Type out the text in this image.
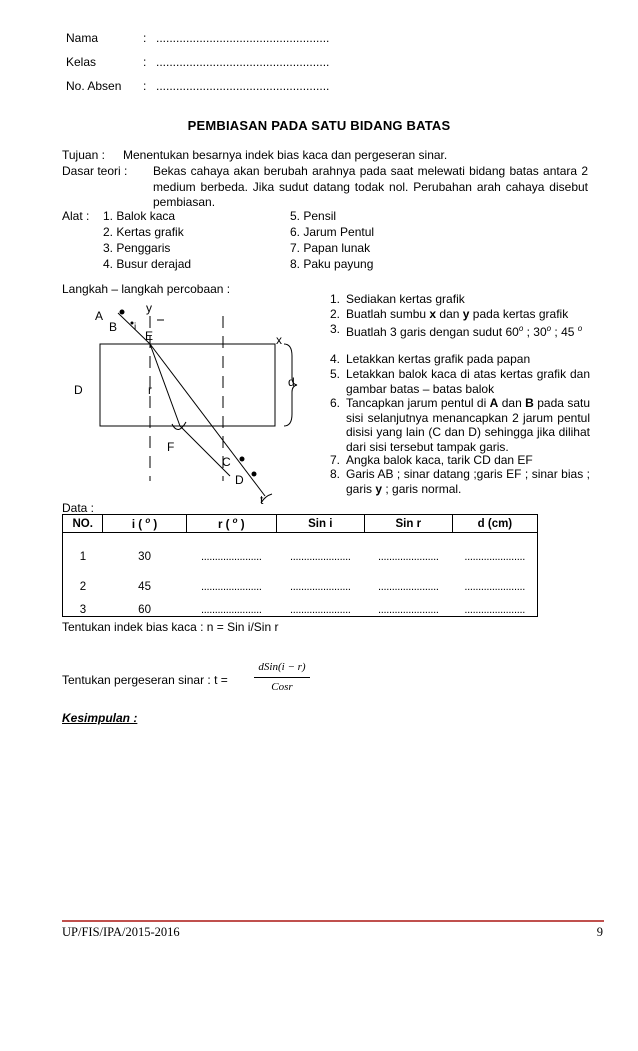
Nama	: ....................................................
Kelas	: ....................................................
No. Absen : ....................................................
PEMBIASAN PADA SATU BIDANG BATAS
Tujuan : Menentukan besarnya indek bias kaca dan pergeseran sinar.
Dasar teori : Bekas cahaya akan berubah arahnya pada saat melewati bidang batas antara 2 medium berbeda. Jika sudut datang todak nol. Perubahan arah cahaya disebut pembiasan.
Alat : 1. Balok kaca
2. Kertas grafik
3. Penggaris
4. Busur derajad
5. Pensil
6. Jarum Pentul
7. Papan lunak
8. Paku payung
Langkah – langkah percobaan :
A
B i
y
E	x
D	r
d
F
C
D
t
1. Sediakan kertas grafik
2. Buatlah sumbu x dan y pada kertas grafik
3. Buatlah 3 garis dengan sudut 60$^o$ ; 30$^o$ ; 45 $^o$
4. Letakkan kertas grafik pada papan
5. Letakkan balok kaca di atas kertas grafik dan gambar batas – batas balok
6. Tancapkan jarum pentul di A dan B pada satu sisi selanjutnya menancapkan 2 jarum pentul disisi yang lain (C dan D) sehingga jika dilihat dari sisi tersebut tampak garis.
7. Angka balok kaca, tarik CD dan EF
8. Garis AB ; sinar datang ;garis EF ; sinar bias ; garis y ; garis normal.
Data :
NO.	i ( $^o$ )	r ( $^o$ )	Sin i	Sin r	d (cm)
1	30	......................	......................	......................	......................
2	45	......................	......................	......................	......................
3	60	......................	......................	......................	......................
Tentukan indek bias kaca : n = Sin i/Sin r
Tentukan pergeseran sinar : t =
dSin(i − r)
Cosr
Kesimpulan :
UP/FIS/IPA/2015-2016	9
